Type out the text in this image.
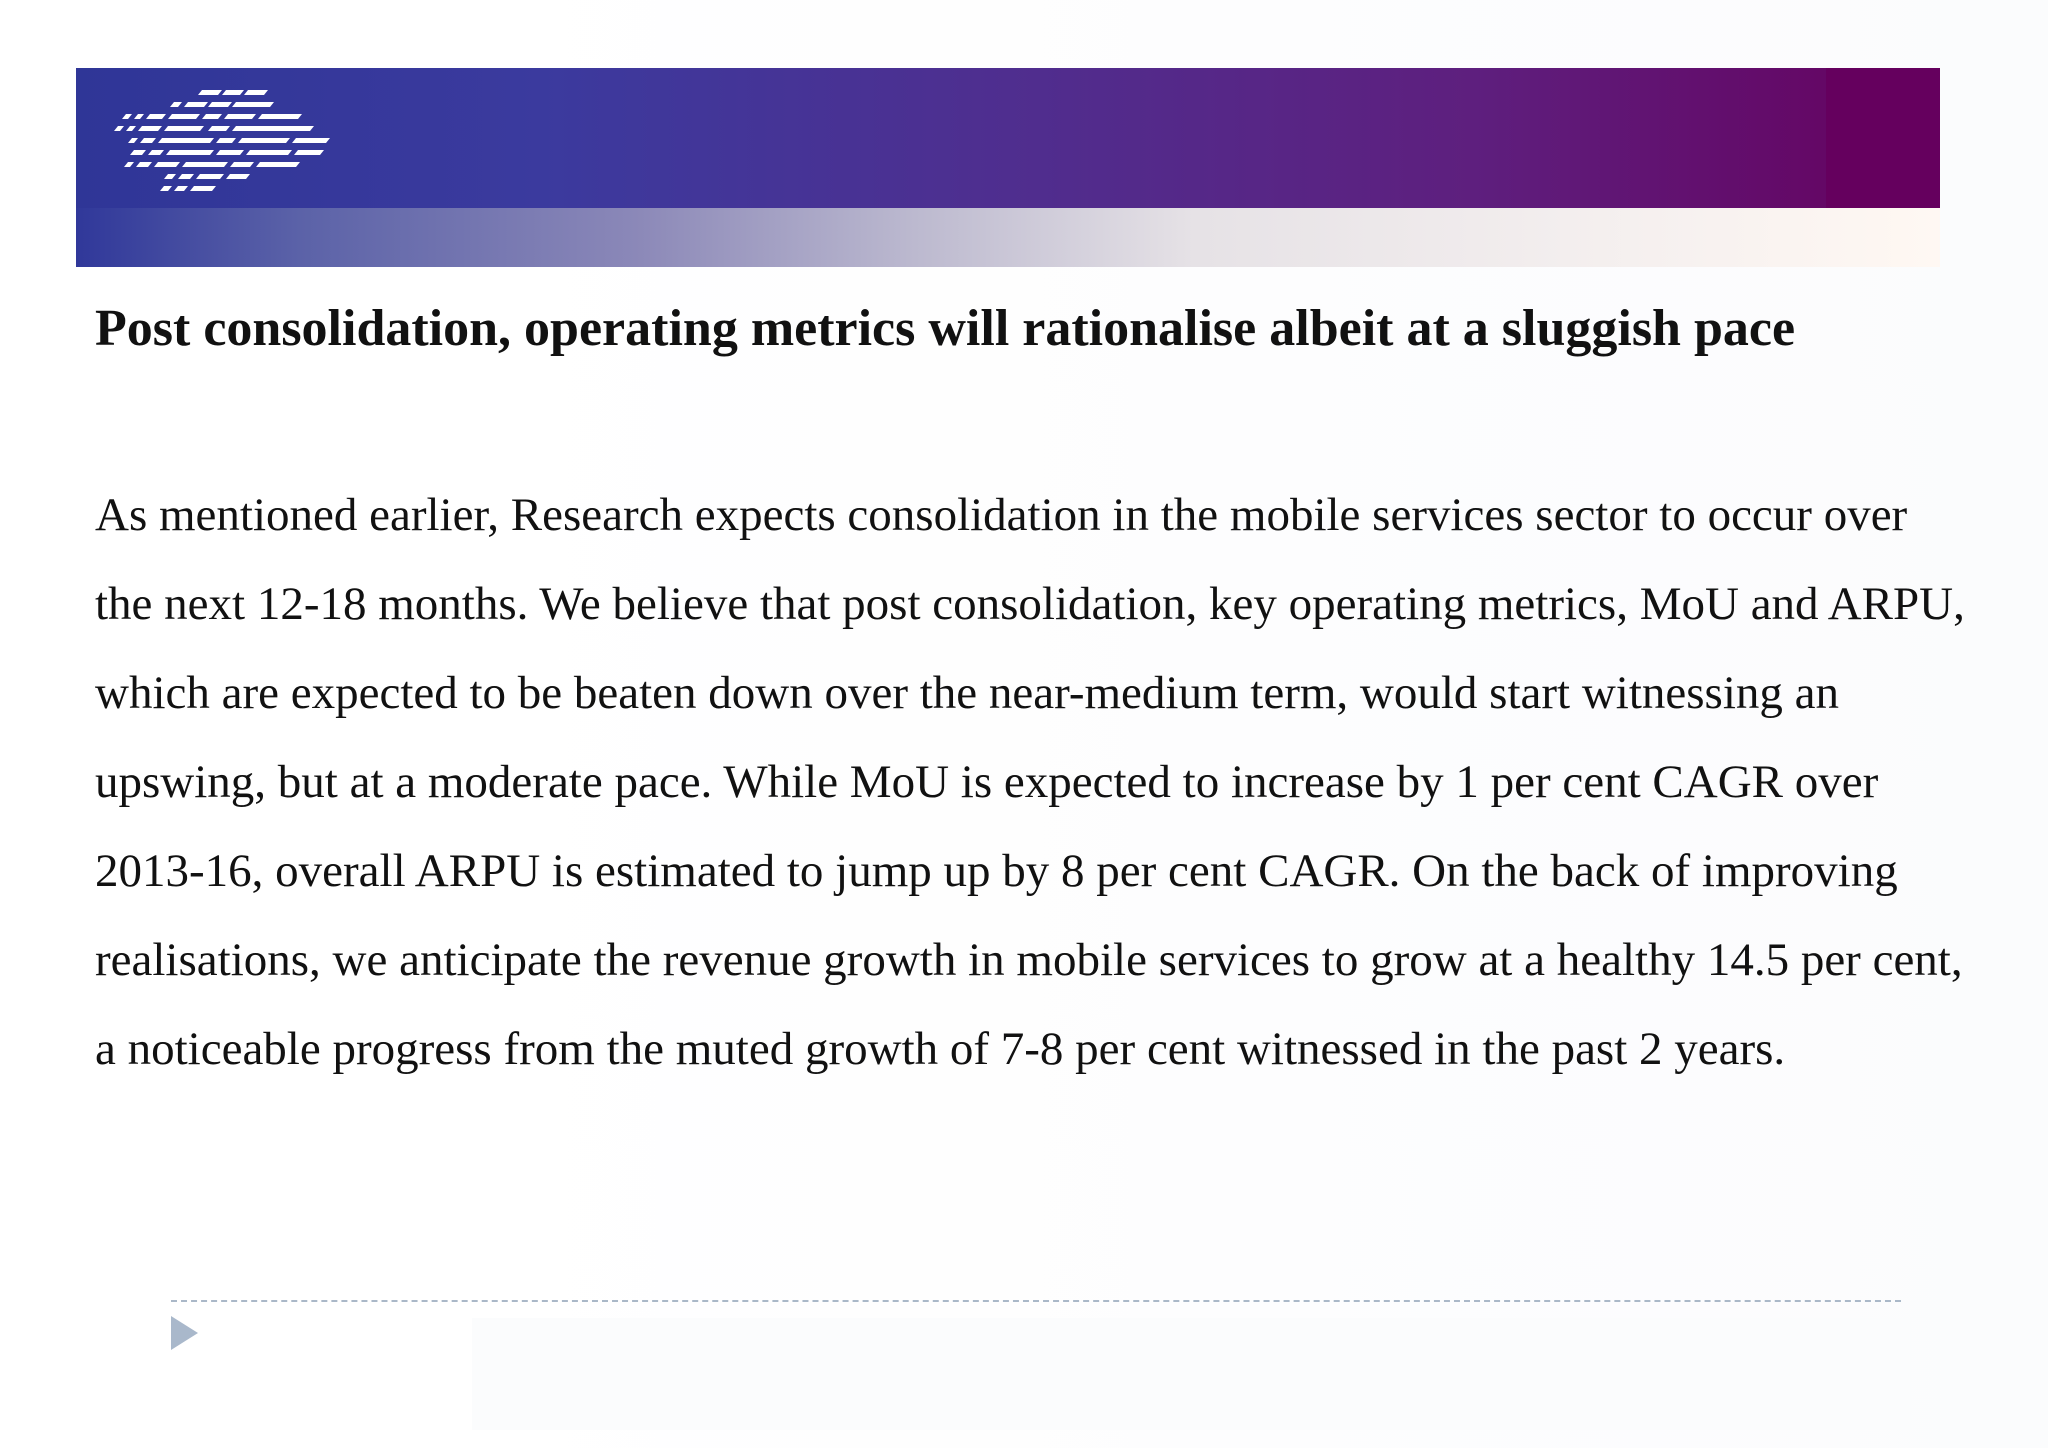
Post consolidation, operating metrics will rationalise albeit at a sluggish pace

As mentioned earlier, Research expects consolidation in the mobile services sector to occur over the next 12-18 months. We believe that post consolidation, key operating metrics, MoU and ARPU, which are expected to be beaten down over the near-medium term, would start witnessing an upswing, but at a moderate pace. While MoU is expected to increase by 1 per cent CAGR over 2013-16, overall ARPU is estimated to jump up by 8 per cent CAGR. On the back of improving realisations, we anticipate the revenue growth in mobile services to grow at a healthy 14.5 per cent, a noticeable progress from the muted growth of 7-8 per cent witnessed in the past 2 years.
